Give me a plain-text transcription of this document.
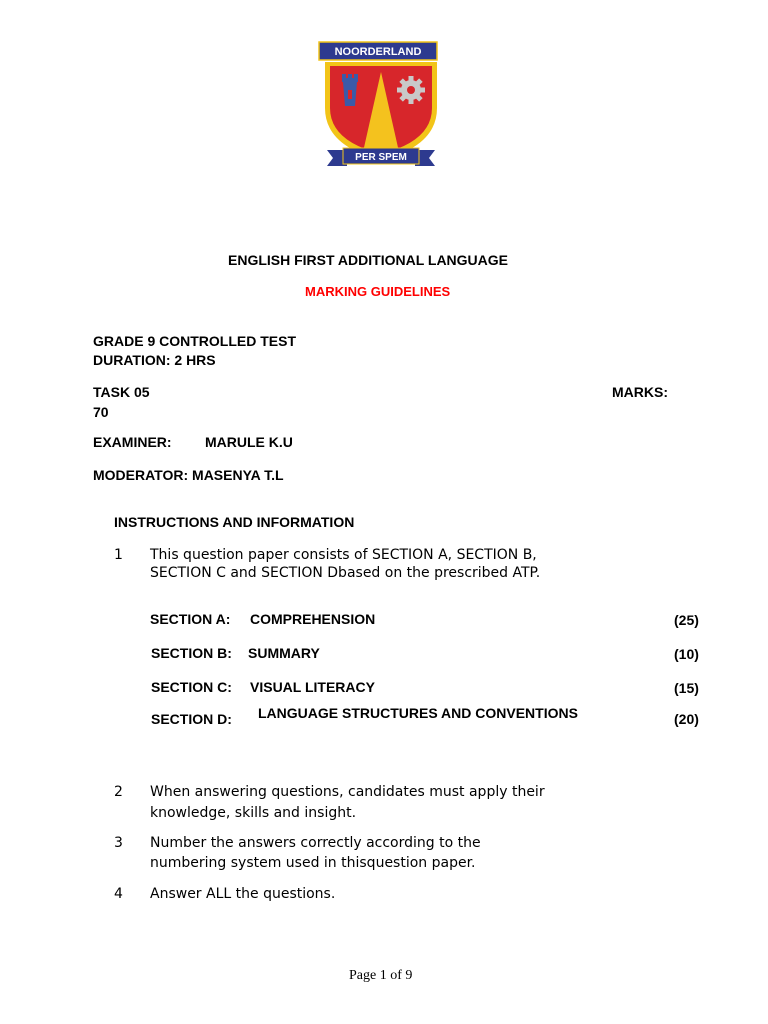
NOORDERLAND
PER SPEM
ENGLISH FIRST ADDITIONAL LANGUAGE
MARKING GUIDELINES
GRADE 9 CONTROLLED TEST
DURATION: 2 HRS
TASK 05	MARKS:
70
EXAMINER: MARULE K.U
MODERATOR: MASENYA T.L
INSTRUCTIONS AND INFORMATION
1 This question paper consists of SECTION A, SECTION B,
SECTION C and SECTION Dbased on the prescribed ATP.
SECTION A: COMPREHENSION	(25)
SECTION B: SUMMARY	(10)
SECTION C: VISUAL LITERACY	(15)
SECTION D: LANGUAGE STRUCTURES AND CONVENTIONS	(20)
2 When answering questions, candidates must apply their
knowledge, skills and insight.
3 Number the answers correctly according to the
numbering system used in thisquestion paper.
4 Answer ALL the questions.
Page 1 of 9
